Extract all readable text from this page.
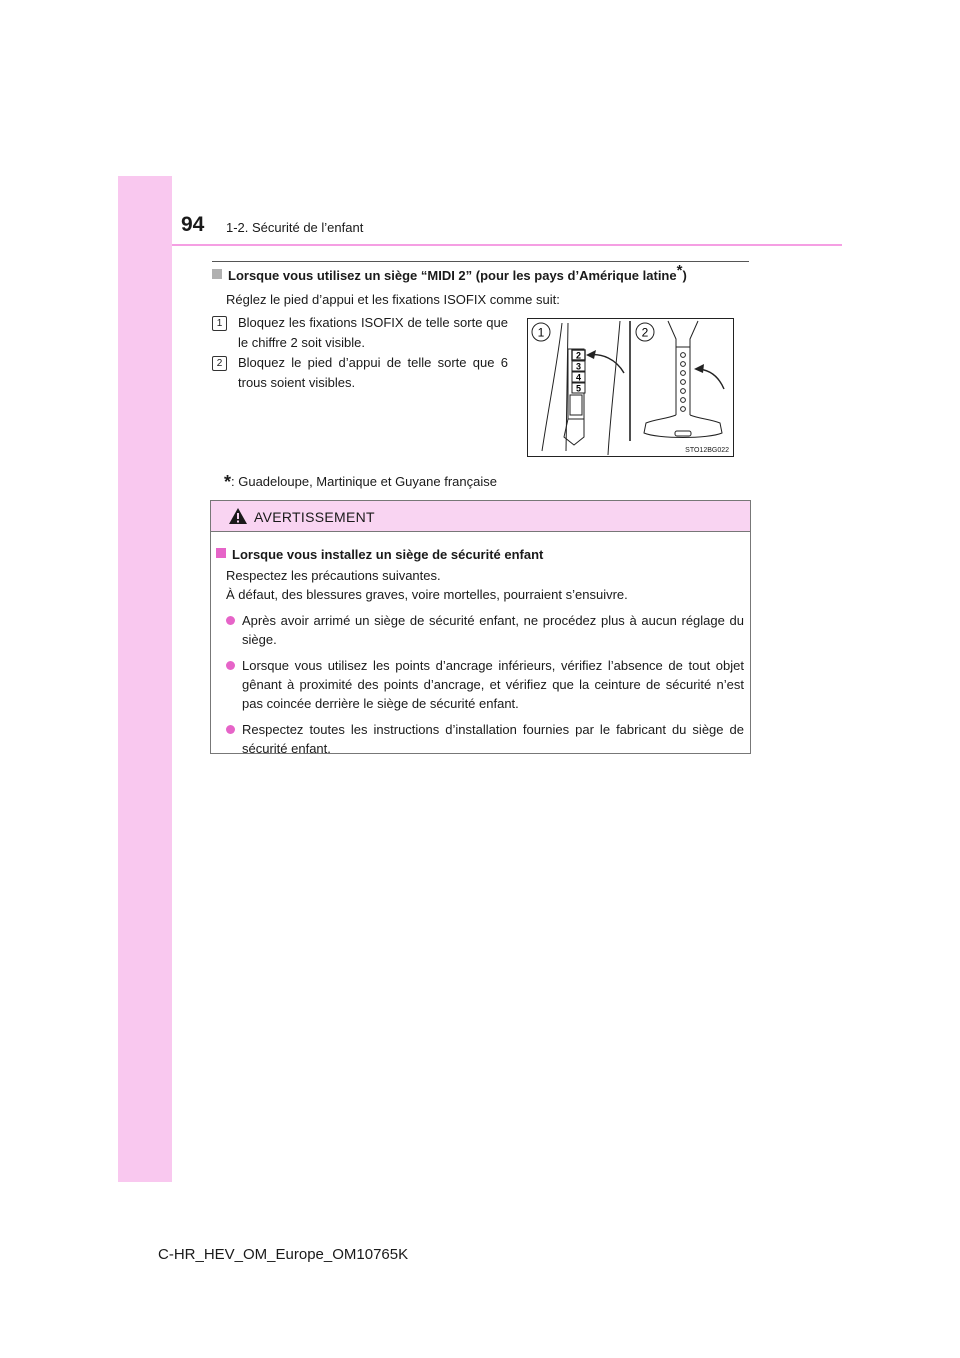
94 1-2. Sécurité de l’enfant
Lorsque vous utilisez un siège “MIDI 2” (pour les pays d’Amérique latine*)
Réglez le pied d’appui et les fixations ISOFIX comme suit:
1	Bloquez les fixations ISOFIX de telle sorte que le chiffre 2 soit visible.
2	Bloquez le pied d’appui de telle sorte que 6 trous soient visibles.
2
3
4
5
1	2
STO12BG022
*: Guadeloupe, Martinique et Guyane française
AVERTISSEMENT
Lorsque vous installez un siège de sécurité enfant
Respectez les précautions suivantes.
À défaut, des blessures graves, voire mortelles, pourraient s’ensuivre.
Après avoir arrimé un siège de sécurité enfant, ne procédez plus à aucun réglage du siège.
Lorsque vous utilisez les points d’ancrage inférieurs, vérifiez l’absence de tout objet gênant à proximité des points d’ancrage, et vérifiez que la ceinture de sécurité n’est pas coincée derrière le siège de sécurité enfant.
Respectez toutes les instructions d’installation fournies par le fabricant du siège de sécurité enfant.
C-HR_HEV_OM_Europe_OM10765K
